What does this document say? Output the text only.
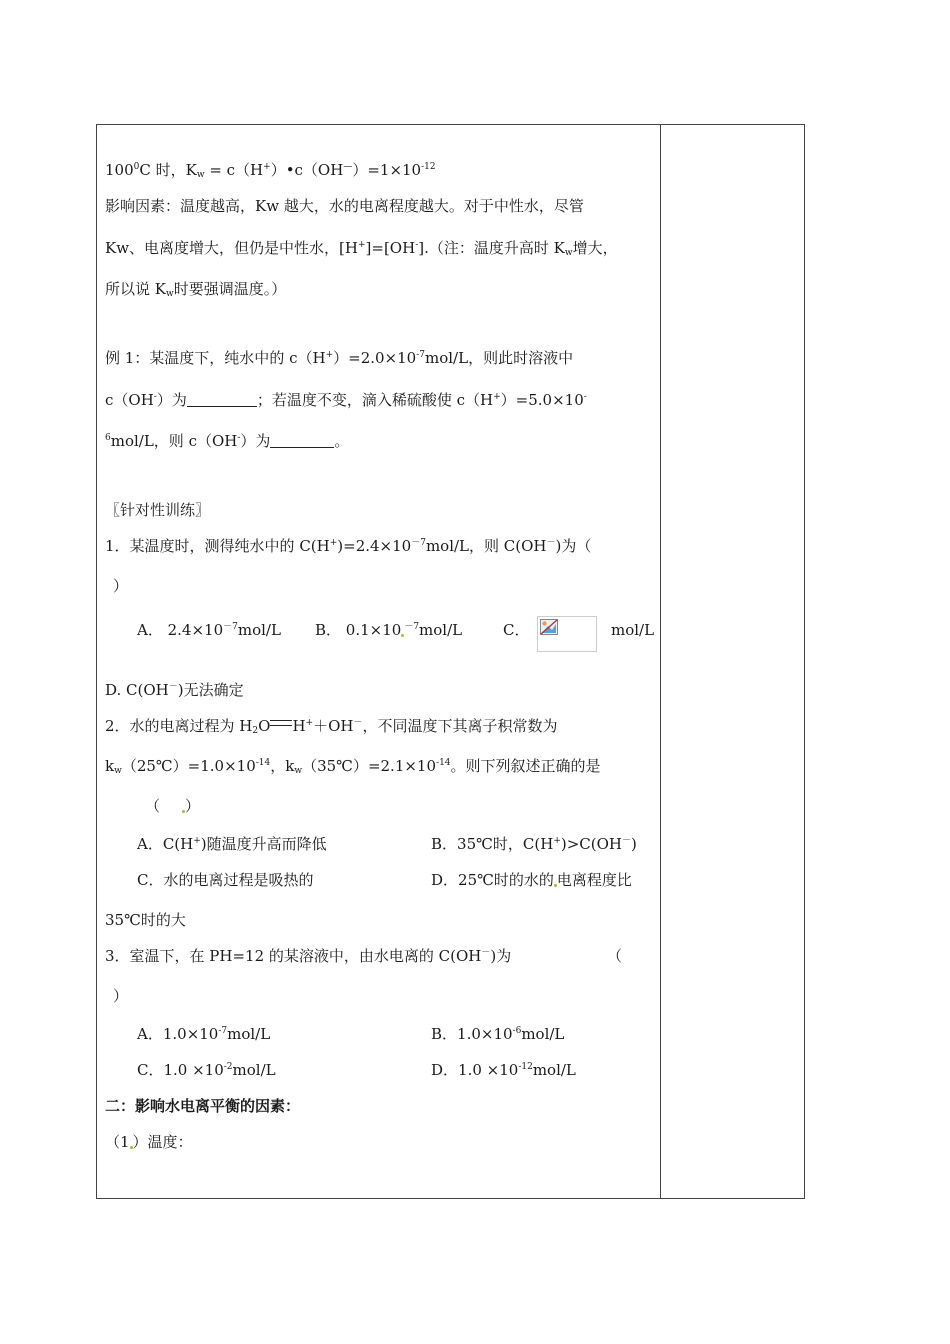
$100^0C$ 时，$K_w$ = $c(H^+)•c(OH^—)=1\times 10^{-12}$
影响因素：温度越高，Kw 越大，水的电离程度越大。对于中性水，尽管
Kw、电离度增大，但仍是中性水，[H+]=[OH-].（注：温度升高时 $K_w$增大，
所以说 $K_w$时要强调温度。）
例 1：某温度下，纯水中的 $c(H^+)=2.0\times 10^{-7}mol/L$，则此时溶液中
c（OH-）为	；若温度不变，滴入稀硫酸使 c（H+）=5.0×10-
$^6$mol/L，则 c（OH-）为	。
〖针对性训练〗
1．某温度时，测得纯水中的 $C(H^+)=2.4\times 10^{-7}mol/L$，则 C(OH－)为（
）
A． $2.4\times 10^{-7}mol/L$ B． 0.1×10 $^{-7}$mol/L	C．	mol/L
D. C(OH－)无法确定
2．水的电离过程为 $H_2O$ H+＋OH－，不同温度下其离子积常数为
$k_w(25℃)=1.0\times 10^{-14}$，$k_w(35℃)=2.1\times 10^{-14}$。则下列叙述正确的是
（ ）
A．C(H+)随温度升高而降低	B．35℃时，C(H+)>C(OH－)
C．水的电离过程是吸热的	D．25℃时的水的 电离程度比
35℃时的大
3．室温下，在 PH=12 的某溶液中，由水电离的 C(OH－)为	（
）
A．$1.0\times 10^{-7}mol/L$	B．$1.0\times 10^{-6}mol/L$
C．$1.0 \times 10^{-2}mol/L$	D．$1.0 \times 10^{-12}mol/L$
二：影响水电离平衡的因素：
（1 ）温度：
